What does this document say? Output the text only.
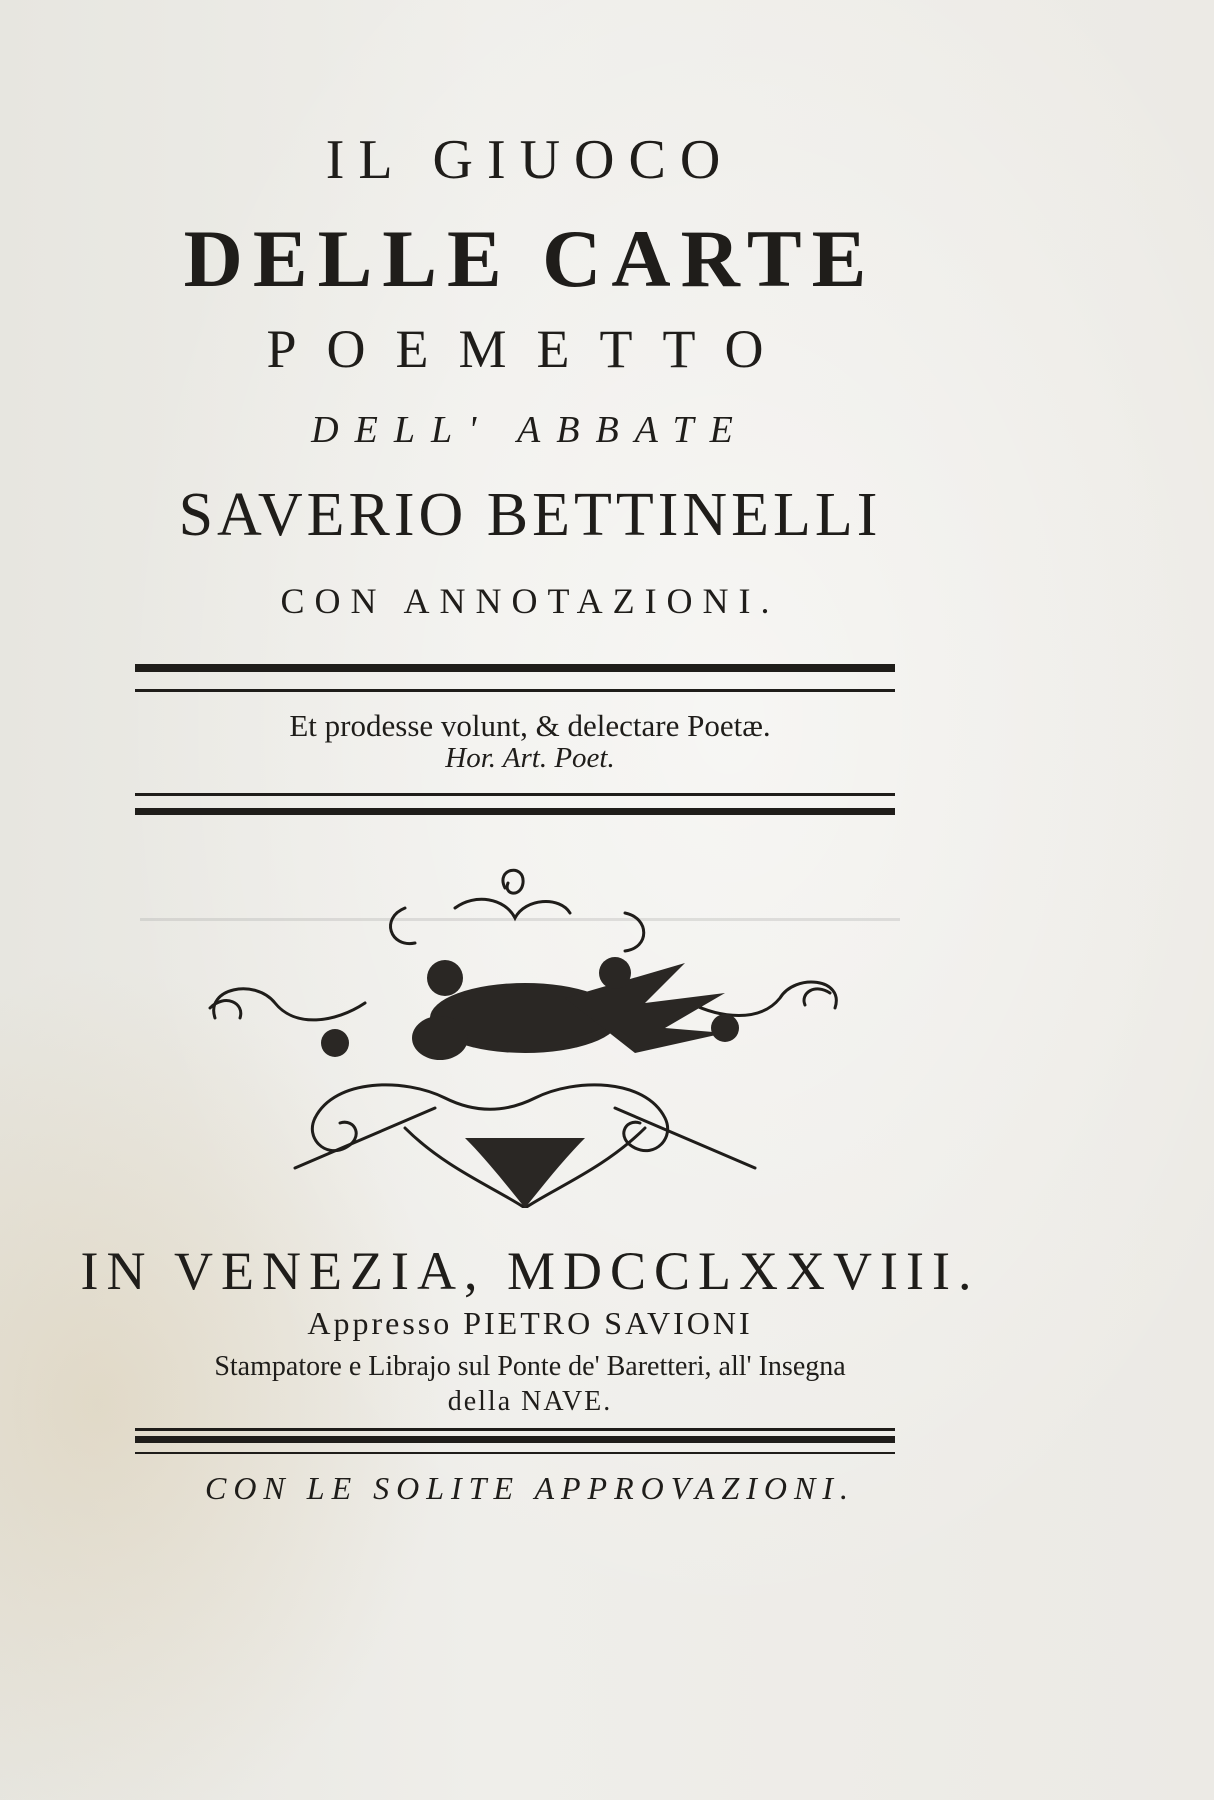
IL GIUOCO
DELLE CARTE
POEMETTO
DELL' ABBATE
SAVERIO BETTINELLI
CON ANNOTAZIONI.
Et prodesse volunt, & delectare Poetæ.
Hor. Art. Poet.
IN VENEZIA, MDCCLXXVIII.
Appresso PIETRO SAVIONI
Stampatore e Librajo sul Ponte de' Baretteri, all' Insegna
della NAVE.
CON LE SOLITE APPROVAZIONI.
